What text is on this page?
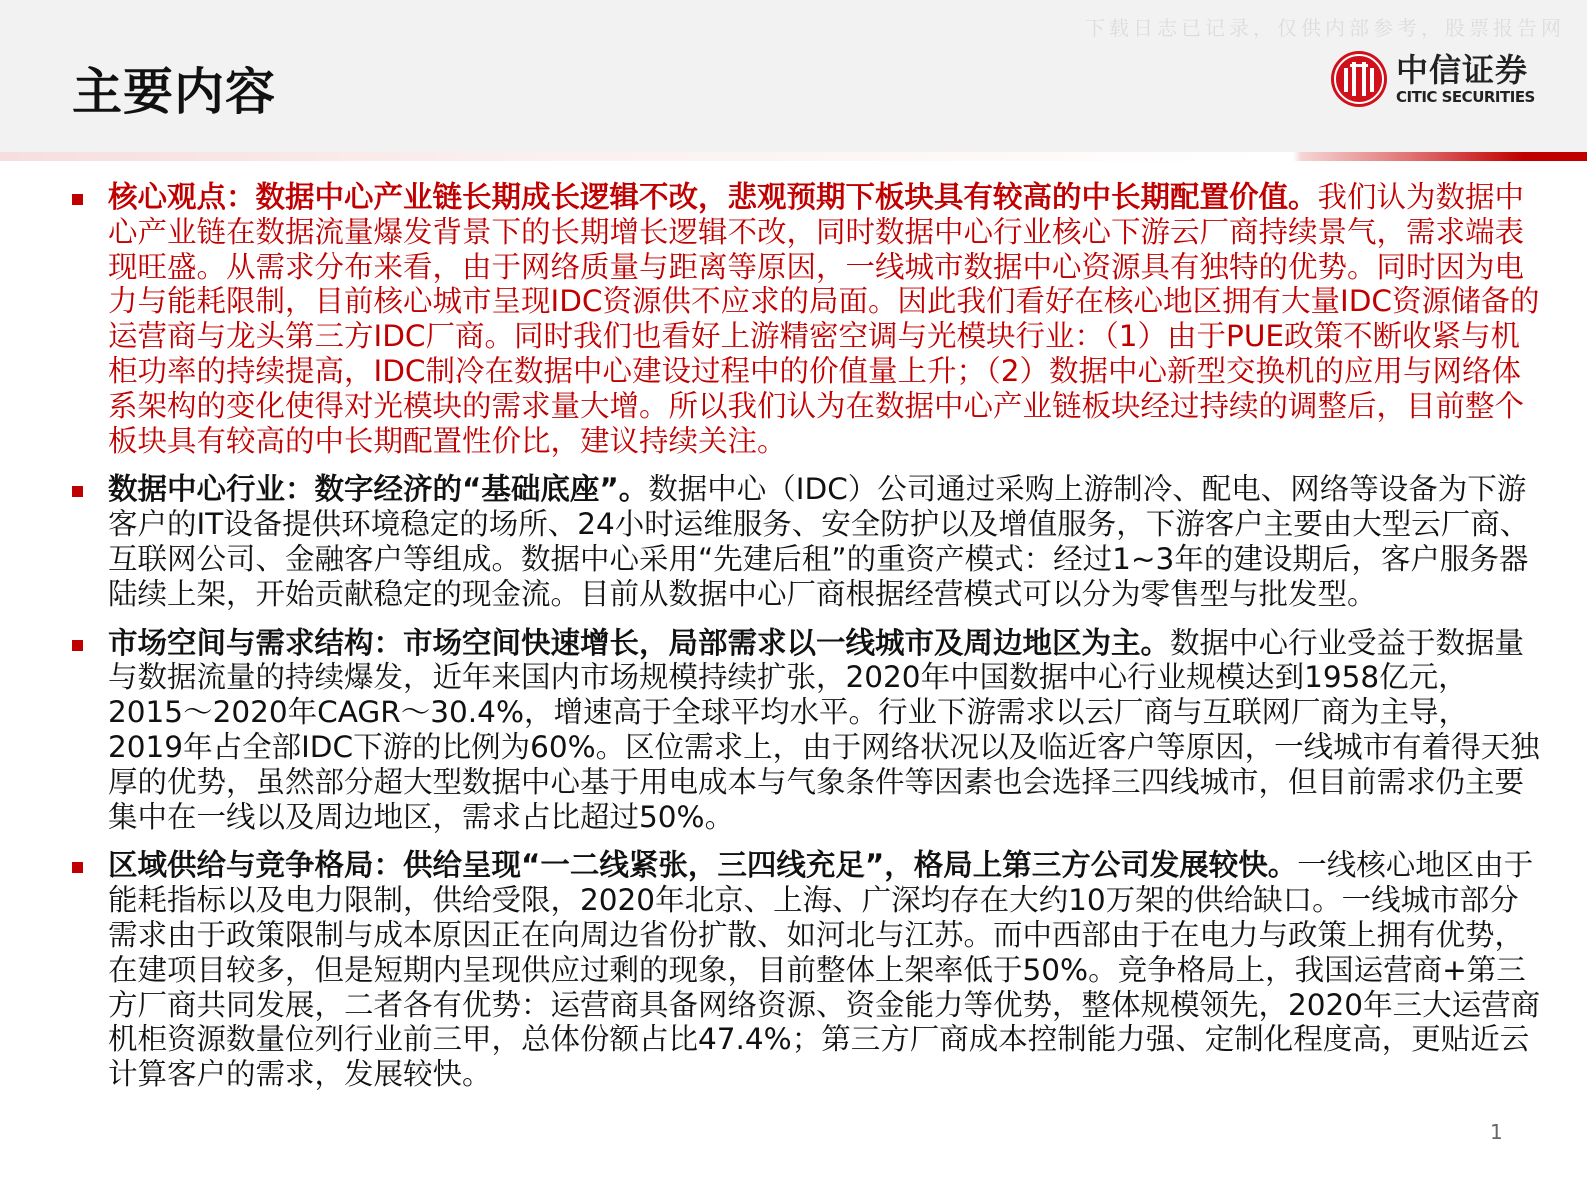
主要内容
下载日志已记录，仅供内部参考，股票报告网
中信证券
CITIC SECURITIES
核心观点：数据中心产业链长期成长逻辑不改，悲观预期下板块具有较高的中长期配置价值。我们认为数据中心产业链在数据流量爆发背景下的长期增长逻辑不改，同时数据中心行业核心下游云厂商持续景气，需求端表现旺盛。从需求分布来看，由于网络质量与距离等原因，一线城市数据中心资源具有独特的优势。同时因为电力与能耗限制，目前核心城市呈现IDC资源供不应求的局面。因此我们看好在核心地区拥有大量IDC资源储备的运营商与龙头第三方IDC厂商。同时我们也看好上游精密空调与光模块行业：（1）由于PUE政策不断收紧与机柜功率的持续提高，IDC制冷在数据中心建设过程中的价值量上升；（2）数据中心新型交换机的应用与网络体系架构的变化使得对光模块的需求量大增。所以我们认为在数据中心产业链板块经过持续的调整后，目前整个板块具有较高的中长期配置性价比，建议持续关注。
数据中心行业：数字经济的“基础底座”。数据中心（IDC）公司通过采购上游制冷、配电、网络等设备为下游客户的IT设备提供环境稳定的场所、24小时运维服务、安全防护以及增值服务，下游客户主要由大型云厂商、互联网公司、金融客户等组成。数据中心采用“先建后租”的重资产模式：经过1~3年的建设期后，客户服务器陆续上架，开始贡献稳定的现金流。目前从数据中心厂商根据经营模式可以分为零售型与批发型。
市场空间与需求结构：市场空间快速增长，局部需求以一线城市及周边地区为主。数据中心行业受益于数据量与数据流量的持续爆发，近年来国内市场规模持续扩张，2020年中国数据中心行业规模达到1958亿元，2015～2020年CAGR～30.4%，增速高于全球平均水平。行业下游需求以云厂商与互联网厂商为主导，2019年占全部IDC下游的比例为60%。区位需求上，由于网络状况以及临近客户等原因，一线城市有着得天独厚的优势，虽然部分超大型数据中心基于用电成本与气象条件等因素也会选择三四线城市，但目前需求仍主要集中在一线以及周边地区，需求占比超过50%。
区域供给与竞争格局：供给呈现“一二线紧张，三四线充足”，格局上第三方公司发展较快。一线核心地区由于能耗指标以及电力限制，供给受限，2020年北京、上海、广深均存在大约10万架的供给缺口。一线城市部分需求由于政策限制与成本原因正在向周边省份扩散、如河北与江苏。而中西部由于在电力与政策上拥有优势，在建项目较多，但是短期内呈现供应过剩的现象，目前整体上架率低于50%。竞争格局上，我国运营商+第三方厂商共同发展，二者各有优势：运营商具备网络资源、资金能力等优势，整体规模领先，2020年三大运营商机柜资源数量位列行业前三甲，总体份额占比47.4%；第三方厂商成本控制能力强、定制化程度高，更贴近云计算客户的需求，发展较快。
1
